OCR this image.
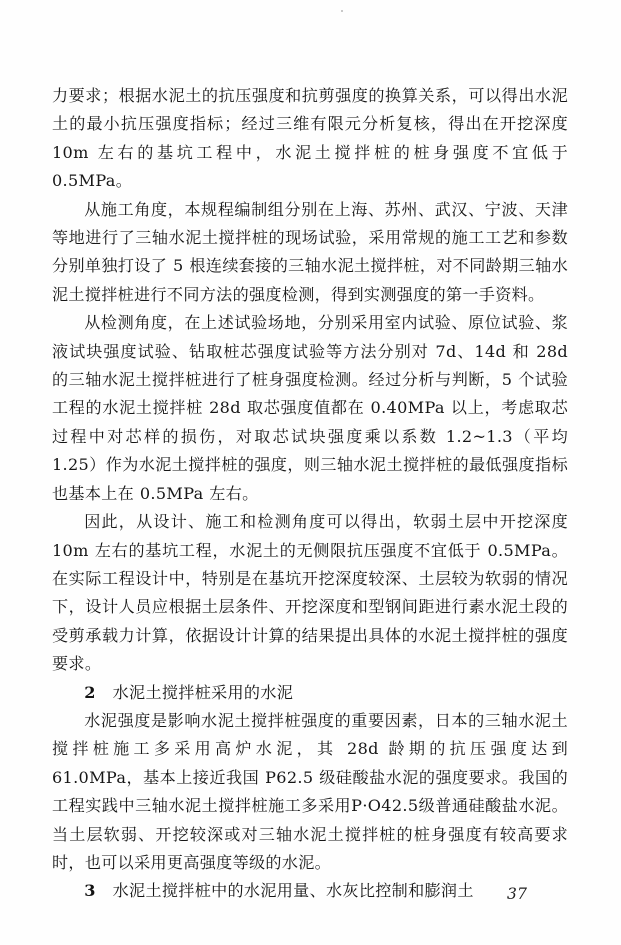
力要求；根据水泥土的抗压强度和抗剪强度的换算关系，可以得出水泥土的最小抗压强度指标；经过三维有限元分析复核，得出在开挖深度 10m 左右的基坑工程中，水泥土搅拌桩的桩身强度不宜低于 0.5MPa。

从施工角度，本规程编制组分别在上海、苏州、武汉、宁波、天津等地进行了三轴水泥土搅拌桩的现场试验，采用常规的施工工艺和参数分别单独打设了 5 根连续套接的三轴水泥土搅拌桩，对不同龄期三轴水泥土搅拌桩进行不同方法的强度检测，得到实测强度的第一手资料。

从检测角度，在上述试验场地，分别采用室内试验、原位试验、浆液试块强度试验、钻取桩芯强度试验等方法分别对 7d、14d 和 28d 的三轴水泥土搅拌桩进行了桩身强度检测。经过分析与判断，5 个试验工程的水泥土搅拌桩 28d 取芯强度值都在 0.40MPa 以上，考虑取芯过程中对芯样的损伤，对取芯试块强度乘以系数 1.2~1.3（平均 1.25）作为水泥土搅拌桩的强度，则三轴水泥土搅拌桩的最低强度指标也基本上在 0.5MPa 左右。

因此，从设计、施工和检测角度可以得出，软弱土层中开挖深度 10m 左右的基坑工程，水泥土的无侧限抗压强度不宜低于 0.5MPa。在实际工程设计中，特别是在基坑开挖深度较深、土层较为软弱的情况下，设计人员应根据土层条件、开挖深度和型钢间距进行素水泥土段的受剪承载力计算，依据设计计算的结果提出具体的水泥土搅拌桩的强度要求。

2 水泥土搅拌桩采用的水泥

水泥强度是影响水泥土搅拌桩强度的重要因素，日本的三轴水泥土搅拌桩施工多采用高炉水泥，其 28d 龄期的抗压强度达到 61.0MPa，基本上接近我国 P62.5 级硅酸盐水泥的强度要求。我国的工程实践中三轴水泥土搅拌桩施工多采用P·O42.5级普通硅酸盐水泥。当土层软弱、开挖较深或对三轴水泥土搅拌桩的桩身强度有较高要求时，也可以采用更高强度等级的水泥。

3 水泥土搅拌桩中的水泥用量、水灰比控制和膨润土	37
